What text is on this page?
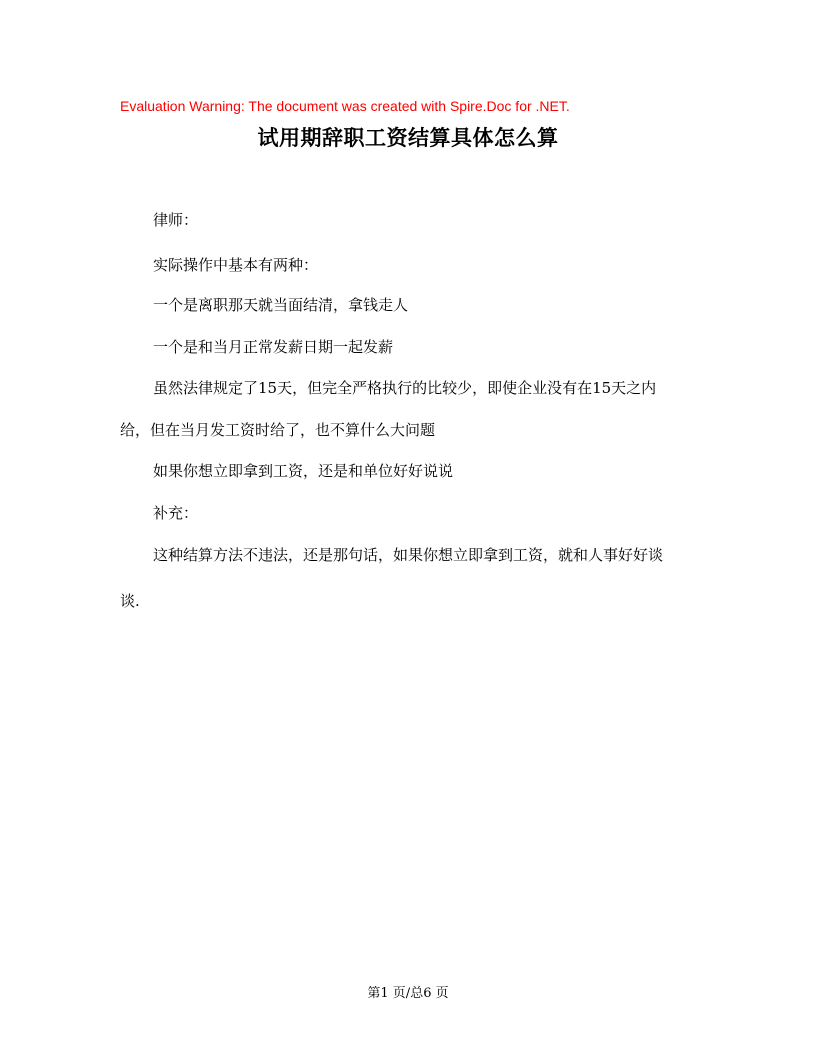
Evaluation Warning: The document was created with Spire.Doc for .NET.
试用期辞职工资结算具体怎么算
律师：
实际操作中基本有两种：
一个是离职那天就当面结清，拿钱走人
一个是和当月正常发薪日期一起发薪
虽然法律规定了15天，但完全严格执行的比较少，即使企业没有在15天之内
给，但在当月发工资时给了，也不算什么大问题
如果你想立即拿到工资，还是和单位好好说说
补充：
这种结算方法不违法，还是那句话，如果你想立即拿到工资，就和人事好好谈
谈.
第1 页/总6 页
